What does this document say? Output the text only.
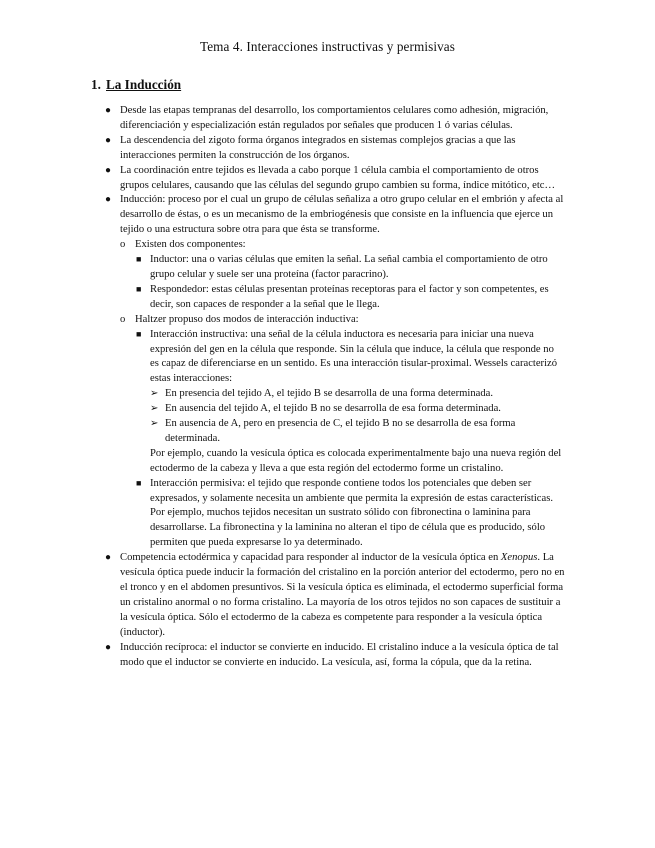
Tema 4. Interacciones instructivas y permisivas
1. La Inducción
● Desde las etapas tempranas del desarrollo, los comportamientos celulares como adhesión, migración, diferenciación y especialización están regulados por señales que producen 1 ó varias células.
● La descendencia del zigoto forma órganos integrados en sistemas complejos gracias a que las interacciones permiten la construcción de los órganos.
● La coordinación entre tejidos es llevada a cabo porque 1 célula cambia el comportamiento de otros grupos celulares, causando que las células del segundo grupo cambien su forma, índice mitótico, etc…
● Inducción: proceso por el cual un grupo de células señaliza a otro grupo celular en el embrión y afecta al desarrollo de éstas, o es un mecanismo de la embriogénesis que consiste en la influencia que ejerce un tejido o una estructura sobre otra para que ésta se transforme.
o Existen dos componentes:
■ Inductor: una o varias células que emiten la señal. La señal cambia el comportamiento de otro grupo celular y suele ser una proteína (factor paracrino).
■ Respondedor: estas células presentan proteínas receptoras para el factor y son competentes, es decir, son capaces de responder a la señal que le llega.
o Haltzer propuso dos modos de interacción inductiva:
■ Interacción instructiva: una señal de la célula inductora es necesaria para iniciar una nueva expresión del gen en la célula que responde. Sin la célula que induce, la célula que responde no es capaz de diferenciarse en un sentido. Es una interacción tisular-proximal. Wessels caracterizó estas interacciones:
➢ En presencia del tejido A, el tejido B se desarrolla de una forma determinada.
➢ En ausencia del tejido A, el tejido B no se desarrolla de esa forma determinada.
➢ En ausencia de A, pero en presencia de C, el tejido B no se desarrolla de esa forma determinada.
Por ejemplo, cuando la vesícula óptica es colocada experimentalmente bajo una nueva región del ectodermo de la cabeza y lleva a que esta región del ectodermo forme un cristalino.
■ Interacción permisiva: el tejido que responde contiene todos los potenciales que deben ser expresados, y solamente necesita un ambiente que permita la expresión de estas características.
Por ejemplo, muchos tejidos necesitan un sustrato sólido con fibronectina o laminina para desarrollarse. La fibronectina y la laminina no alteran el tipo de célula que es producido, sólo permiten que pueda expresarse lo ya determinado.
● Competencia ectodérmica y capacidad para responder al inductor de la vesícula óptica en Xenopus. La vesícula óptica puede inducir la formación del cristalino en la porción anterior del ectodermo, pero no en el tronco y en el abdomen presuntivos. Si la vesícula óptica es eliminada, el ectodermo superficial forma un cristalino anormal o no forma cristalino. La mayoría de los otros tejidos no son capaces de sustituir a la vesícula óptica. Sólo el ectodermo de la cabeza es competente para responder a la vesícula óptica (inductor).
● Inducción recíproca: el inductor se convierte en inducido. El cristalino induce a la vesícula óptica de tal modo que el inductor se convierte en inducido. La vesícula, así, forma la cópula, que da la retina.
